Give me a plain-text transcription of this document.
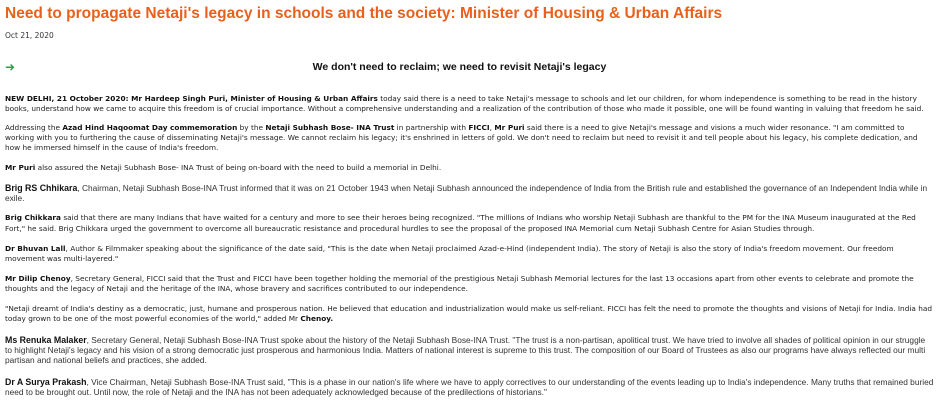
Need to propagate Netaji's legacy in schools and the society: Minister of Housing & Urban Affairs
Oct 21, 2020
➜	We don't need to reclaim; we need to revisit Netaji's legacy

NEW DELHI, 21 October 2020: Mr Hardeep Singh Puri, Minister of Housing & Urban Affairs today said there is a need to take Netaji's message to schools and let our children, for whom independence is something to be read in the history books, understand how we came to acquire this freedom is of crucial importance. Without a comprehensive understanding and a realization of the contribution of those who made it possible, one will be found wanting in valuing that freedom he said.

Addressing the Azad Hind Haqoomat Day commemoration by the Netaji Subhash Bose- INA Trust in partnership with FICCI, Mr Puri said there is a need to give Netaji's message and visions a much wider resonance. "I am committed to working with you to furthering the cause of disseminating Netaji's message. We cannot reclaim his legacy; it's enshrined in letters of gold. We don't need to reclaim but need to revisit it and tell people about his legacy, his complete dedication, and how he immersed himself in the cause of India's freedom.

Mr Puri also assured the Netaji Subhash Bose- INA Trust of being on-board with the need to build a memorial in Delhi.

Brig RS Chhikara, Chairman, Netaji Subhash Bose-INA Trust informed that it was on 21 October 1943 when Netaji Subhash announced the independence of India from the British rule and established the governance of an Independent India while in exile.

Brig Chikkara said that there are many Indians that have waited for a century and more to see their heroes being recognized. "The millions of Indians who worship Netaji Subhash are thankful to the PM for the INA Museum inaugurated at the Red Fort," he said. Brig Chikkara urged the government to overcome all bureaucratic resistance and procedural hurdles to see the proposal of the proposed INA Memorial cum Netaji Subhash Centre for Asian Studies through.

Dr Bhuvan Lall, Author & Filmmaker speaking about the significance of the date said, "This is the date when Netaji proclaimed Azad-e-Hind (independent India). The story of Netaji is also the story of India's freedom movement. Our freedom movement was multi-layered."

Mr Dilip Chenoy, Secretary General, FICCI said that the Trust and FICCI have been together holding the memorial of the prestigious Netaji Subhash Memorial lectures for the last 13 occasions apart from other events to celebrate and promote the thoughts and the legacy of Netaji and the heritage of the INA, whose bravery and sacrifices contributed to our independence.

"Netaji dreamt of India's destiny as a democratic, just, humane and prosperous nation. He believed that education and industrialization would make us self-reliant. FICCI has felt the need to promote the thoughts and visions of Netaji for India. India had today grown to be one of the most powerful economies of the world," added Mr Chenoy.

Ms Renuka Malaker, Secretary General, Netaji Subhash Bose-INA Trust spoke about the history of the Netaji Subhash Bose-INA Trust. "The trust is a non-partisan, apolitical trust. We have tried to involve all shades of political opinion in our struggle to highlight Netaji's legacy and his vision of a strong democratic just prosperous and harmonious India. Matters of national interest is supreme to this trust. The composition of our Board of Trustees as also our programs have always reflected our multi partisan and national beliefs and practices, she added.

Dr A Surya Prakash, Vice Chairman, Netaji Subhash Bose-INA Trust said, "This is a phase in our nation's life where we have to apply correctives to our understanding of the events leading up to India's independence. Many truths that remained buried need to be brought out. Until now, the role of Netaji and the INA has not been adequately acknowledged because of the predilections of historians."
